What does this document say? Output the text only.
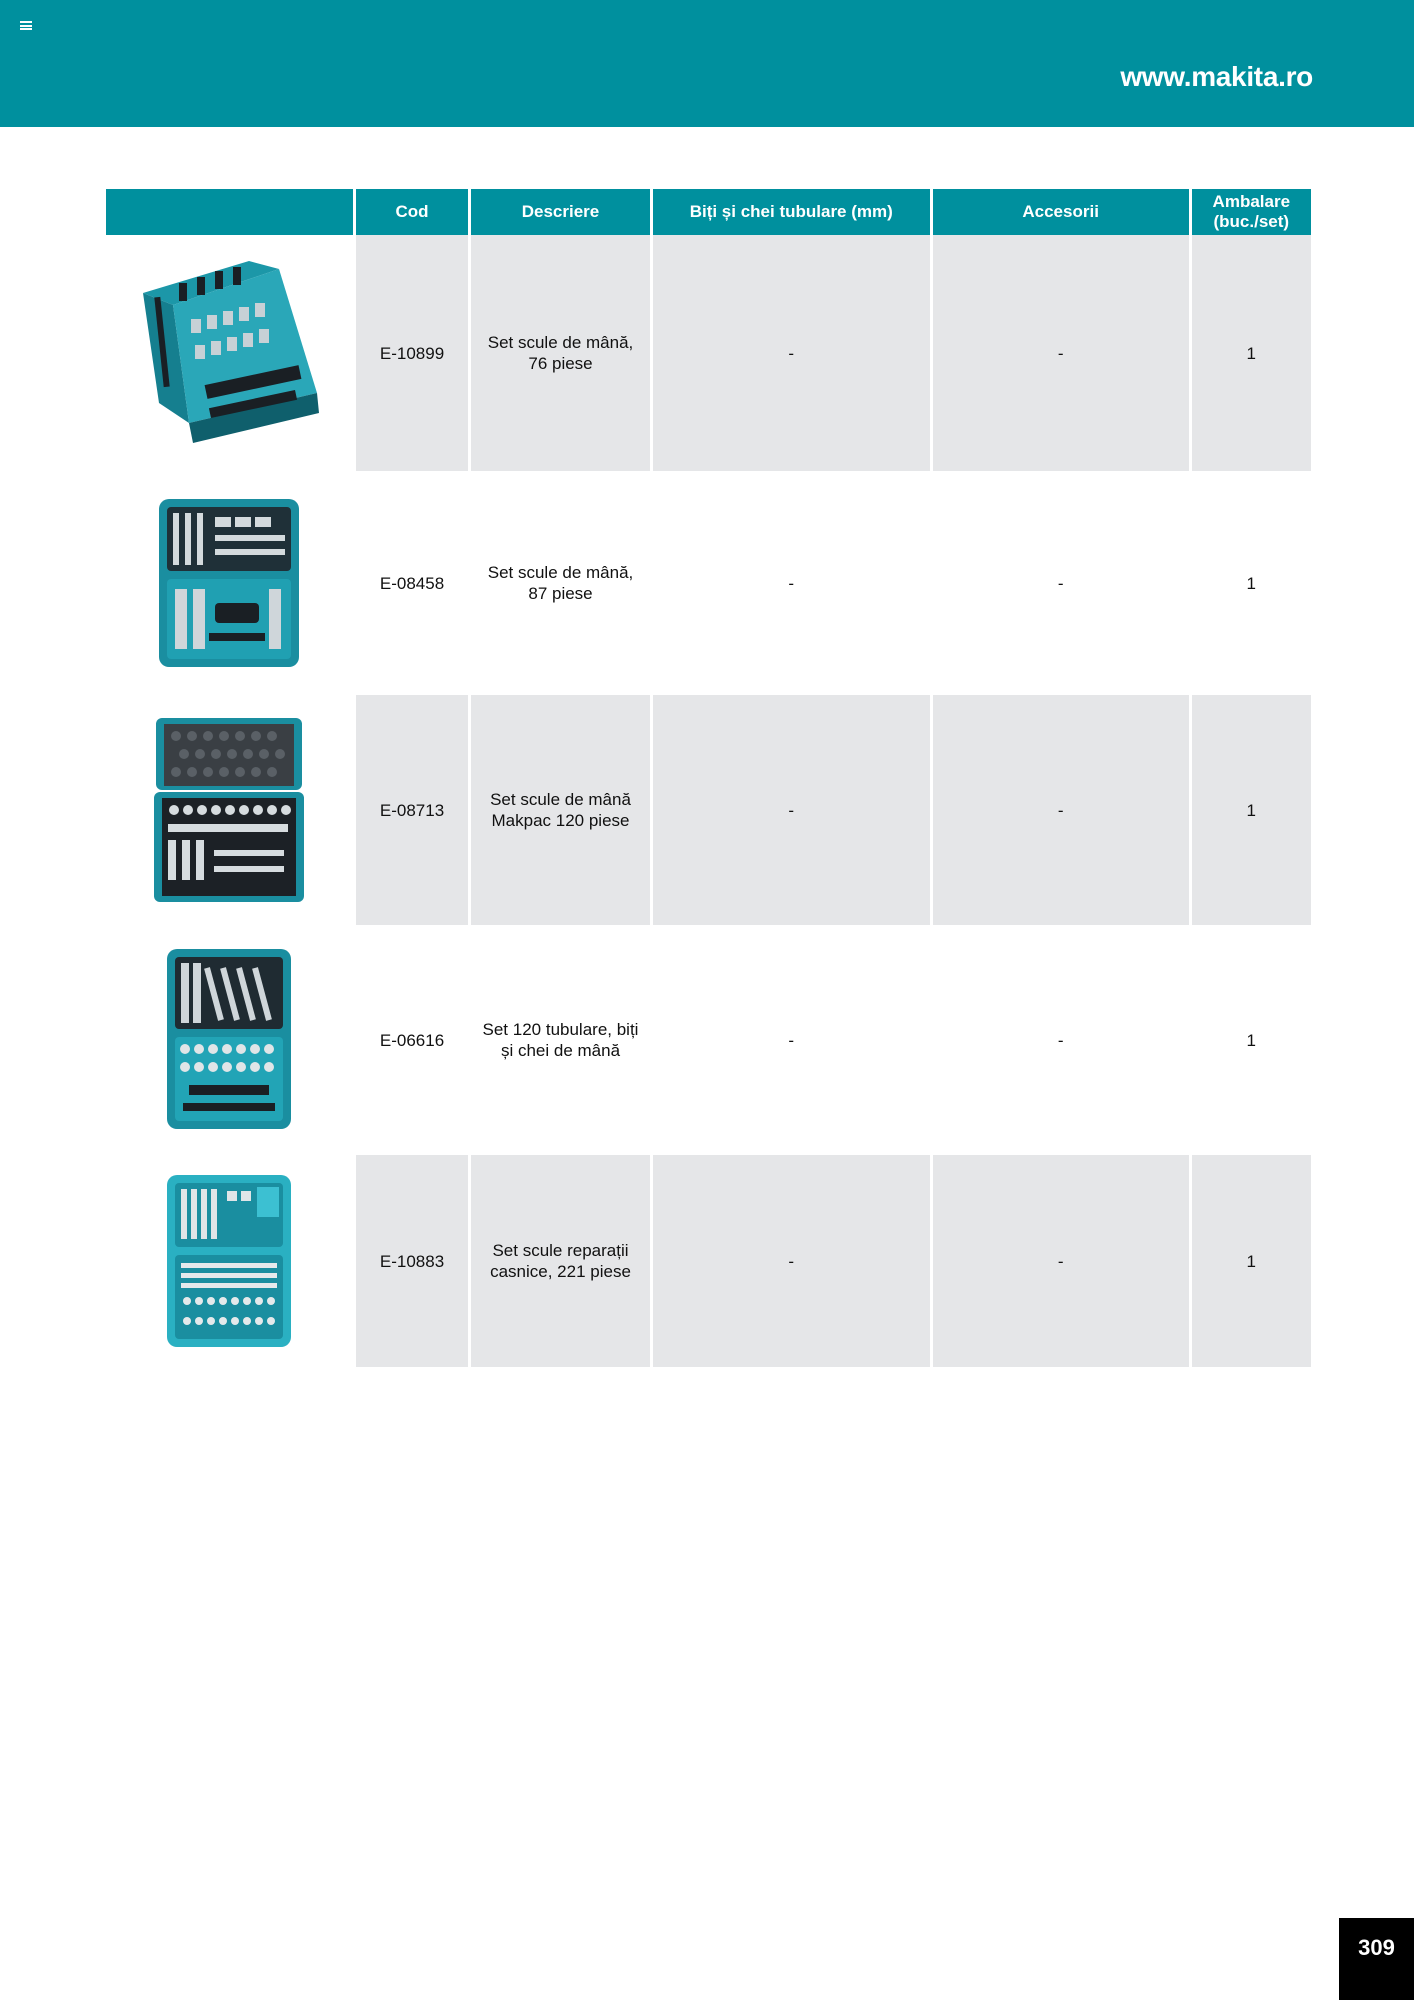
www.makita.ro
	Cod	Descriere	Biți și chei tubulare (mm)	Accesorii	Ambalare
(buc./set)

	E-10899	Set scule de mână,
76 piese	-	-	1

	E-08458	Set scule de mână,
87 piese	-	-	1

	E-08713	Set scule de mână
Makpac 120 piese	-	-	1

	E-06616	Set 120 tubulare, biți
și chei de mână	-	-	1

	E-10883	Set scule reparații
casnice, 221 piese	-	-	1
309
